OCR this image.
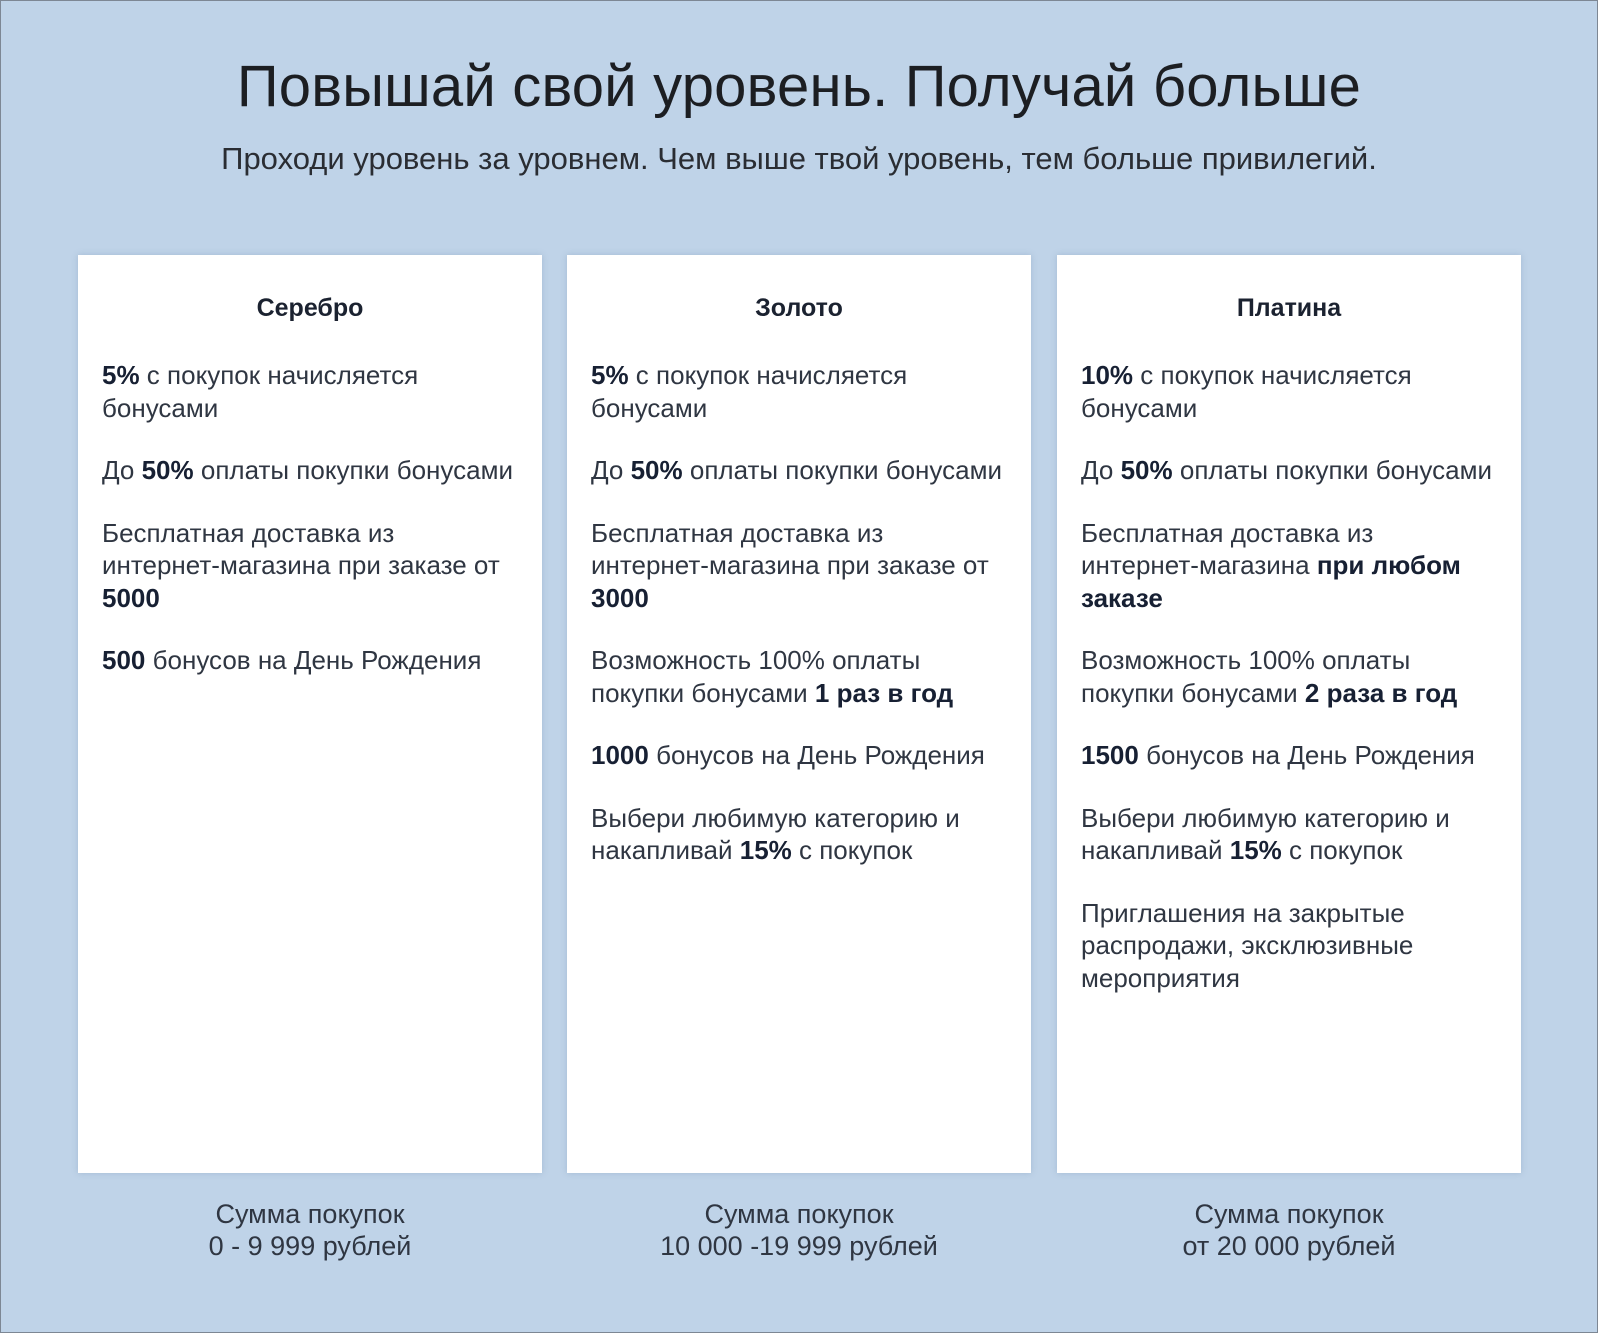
Повышай свой уровень. Получай больше
Проходи уровень за уровнем. Чем выше твой уровень, тем больше привилегий.
Серебро
5% с покупок начисляется бонусами
До 50% оплаты покупки бонусами
Бесплатная доставка из интернет-магазина при заказе от 5000
500 бонусов на День Рождения
Золото
5% с покупок начисляется бонусами
До 50% оплаты покупки бонусами
Бесплатная доставка из интернет-магазина при заказе от 3000
Возможность 100% оплаты покупки бонусами 1 раз в год
1000 бонусов на День Рождения
Выбери любимую категорию и накапливай 15% с покупок
Платина
10% с покупок начисляется бонусами
До 50% оплаты покупки бонусами
Бесплатная доставка из интернет-магазина при любом заказе
Возможность 100% оплаты покупки бонусами 2 раза в год
1500 бонусов на День Рождения
Выбери любимую категорию и накапливай 15% с покупок
Приглашения на закрытые распродажи, эксклюзивные мероприятия
Сумма покупок
0 - 9 999 рублей
Сумма покупок
10 000 -19 999 рублей
Сумма покупок
от 20 000 рублей
